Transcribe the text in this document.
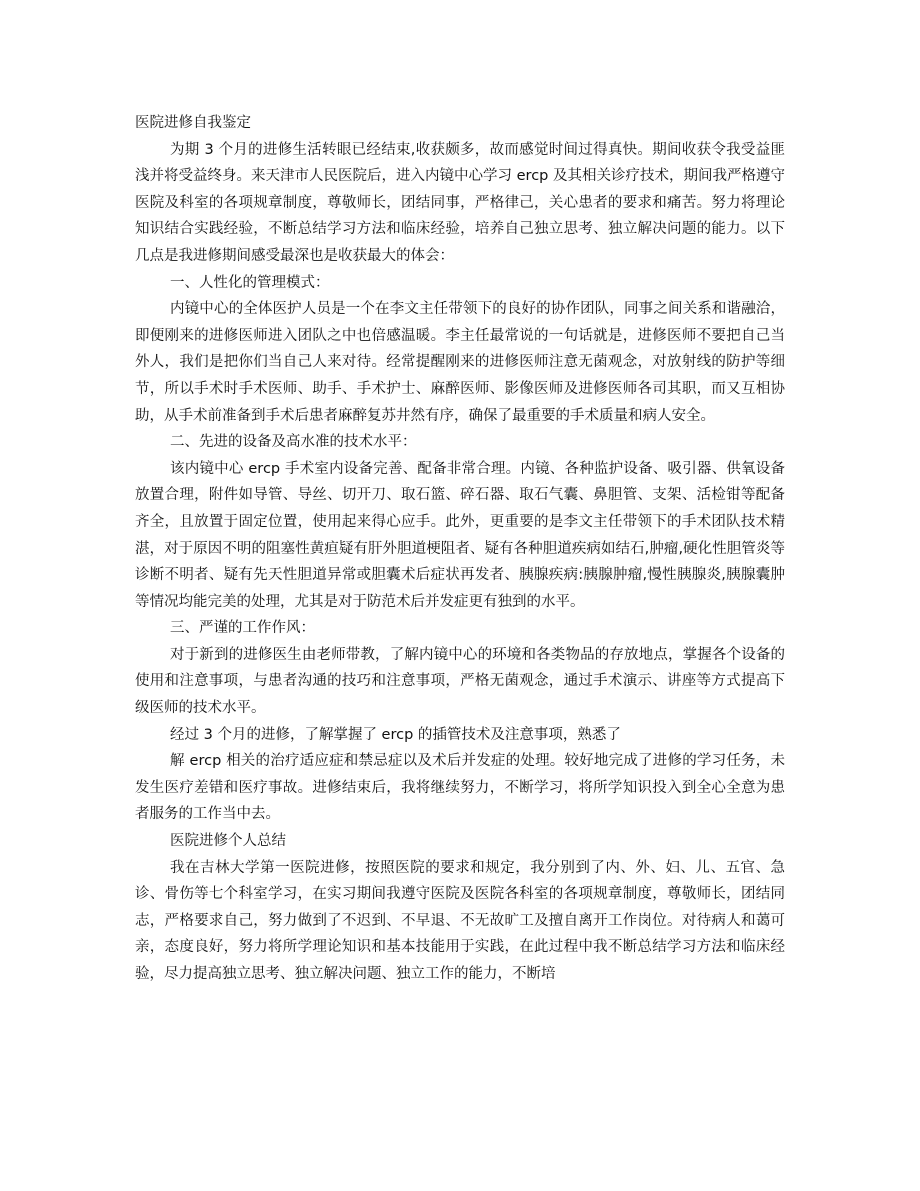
医院进修自我鉴定

为期 3 个月的进修生活转眼已经结束,收获颇多，故而感觉时间过得真快。期间收获令我受益匪浅并将受益终身。来天津市人民医院后，进入内镜中心学习 ercp 及其相关诊疗技术，期间我严格遵守医院及科室的各项规章制度，尊敬师长，团结同事，严格律己，关心患者的要求和痛苦。努力将理论知识结合实践经验，不断总结学习方法和临床经验，培养自己独立思考、独立解决问题的能力。以下几点是我进修期间感受最深也是收获最大的体会：

一、人性化的管理模式：

内镜中心的全体医护人员是一个在李文主任带领下的良好的协作团队，同事之间关系和谐融洽，即便刚来的进修医师进入团队之中也倍感温暖。李主任最常说的一句话就是，进修医师不要把自己当外人，我们是把你们当自己人来对待。经常提醒刚来的进修医师注意无菌观念，对放射线的防护等细节，所以手术时手术医师、助手、手术护士、麻醉医师、影像医师及进修医师各司其职，而又互相协助，从手术前准备到手术后患者麻醉复苏井然有序，确保了最重要的手术质量和病人安全。

二、先进的设备及高水准的技术水平：

该内镜中心 ercp 手术室内设备完善、配备非常合理。内镜、各种监护设备、吸引器、供氧设备放置合理，附件如导管、导丝、切开刀、取石篮、碎石器、取石气囊、鼻胆管、支架、活检钳等配备齐全，且放置于固定位置，使用起来得心应手。此外，更重要的是李文主任带领下的手术团队技术精湛，对于原因不明的阻塞性黄疸疑有肝外胆道梗阻者、疑有各种胆道疾病如结石,肿瘤,硬化性胆管炎等诊断不明者、疑有先天性胆道异常或胆囊术后症状再发者、胰腺疾病:胰腺肿瘤,慢性胰腺炎,胰腺囊肿等情况均能完美的处理，尤其是对于防范术后并发症更有独到的水平。

三、严谨的工作作风：

对于新到的进修医生由老师带教，了解内镜中心的环境和各类物品的存放地点，掌握各个设备的使用和注意事项，与患者沟通的技巧和注意事项，严格无菌观念，通过手术演示、讲座等方式提高下级医师的技术水平。

经过 3 个月的进修，了解掌握了 ercp 的插管技术及注意事项，熟悉了

解 ercp 相关的治疗适应症和禁忌症以及术后并发症的处理。较好地完成了进修的学习任务，未发生医疗差错和医疗事故。进修结束后，我将继续努力，不断学习，将所学知识投入到全心全意为患者服务的工作当中去。

医院进修个人总结

我在吉林大学第一医院进修，按照医院的要求和规定，我分别到了内、外、妇、儿、五官、急诊、骨伤等七个科室学习，在实习期间我遵守医院及医院各科室的各项规章制度，尊敬师长，团结同志，严格要求自己，努力做到了不迟到、不早退、不无故旷工及擅自离开工作岗位。对待病人和蔼可亲，态度良好，努力将所学理论知识和基本技能用于实践，在此过程中我不断总结学习方法和临床经验，尽力提高独立思考、独立解决问题、独立工作的能力，不断培
